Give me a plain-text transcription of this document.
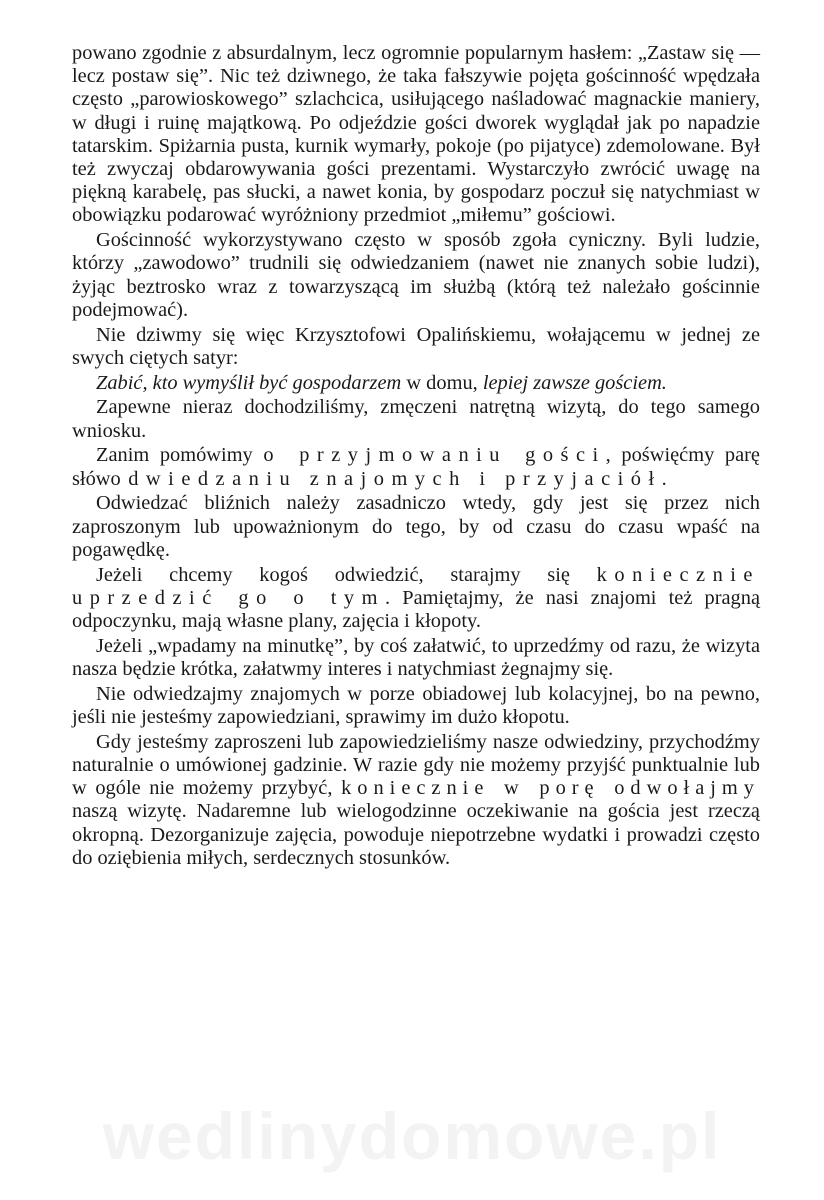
powano zgodnie z absurdalnym, lecz ogromnie popularnym hasłem: „Zastaw się — lecz postaw się”. Nic też dziwnego, że taka fałszywie pojęta gościnność wpędzała często „parowioskowego” szlachcica, usiłującego naśladować magnackie maniery, w długi i ruinę majątkową. Po odjeździe gości dworek wyglądał jak po napadzie tatarskim. Spiżarnia pusta, kurnik wymarły, pokoje (po pijatyce) zdemolowane. Był też zwyczaj obdarowywania gości prezentami. Wystarczyło zwrócić uwagę na piękną karabelę, pas słucki, a nawet konia, by gospodarz poczuł się natychmiast w obowiązku podarować wyróżniony przedmiot „miłemu” gościowi.

Gościnność wykorzystywano często w sposób zgoła cyniczny. Byli ludzie, którzy „zawodowo” trudnili się odwiedzaniem (nawet nie znanych sobie ludzi), żyjąc beztrosko wraz z towarzyszącą im służbą (którą też należało gościnnie podejmować).

Nie dziwmy się więc Krzysztofowi Opalińskiemu, wołającemu w jednej ze swych ciętych satyr:

Zabić, kto wymyślił być gospodarzem w domu, lepiej zawsze gościem.

Zapewne nieraz dochodziliśmy, zmęczeni natrętną wizytą, do tego samego wniosku.

Zanim pomówimy o przyjmowaniu gości, poświęćmy parę słówodwiedzaniu znajomych i przyjaciół.

Odwiedzać bliźnich należy zasadniczo wtedy, gdy jest się przez nich zaproszonym lub upoważnionym do tego, by od czasu do czasu wpaść na pogawędkę.

Jeżeli chcemy kogoś odwiedzić, starajmy się koniecznie uprzedzić go o tym. Pamiętajmy, że nasi znajomi też pragną odpoczynku, mają własne plany, zajęcia i kłopoty.

Jeżeli „wpadamy na minutkę”, by coś załatwić, to uprzedźmy od razu, że wizyta nasza będzie krótka, załatwmy interes i natychmiast żegnajmy się.

Nie odwiedzajmy znajomych w porze obiadowej lub kolacyjnej, bo na pewno, jeśli nie jesteśmy zapowiedziani, sprawimy im dużo kłopotu.

Gdy jesteśmy zaproszeni lub zapowiedzieliśmy nasze odwiedziny, przychodźmy naturalnie o umówionej gadzinie. W razie gdy nie możemy przyjść punktualnie lub w ogóle nie możemy przybyć, koniecznie w porę odwołajmy naszą wizytę. Nadaremne lub wielogodzinne oczekiwanie na gościa jest rzeczą okropną. Dezorganizuje zajęcia, powoduje niepotrzebne wydatki i prowadzi często do oziębienia miłych, serdecznych stosunków.

wedlinydomowe.pl
